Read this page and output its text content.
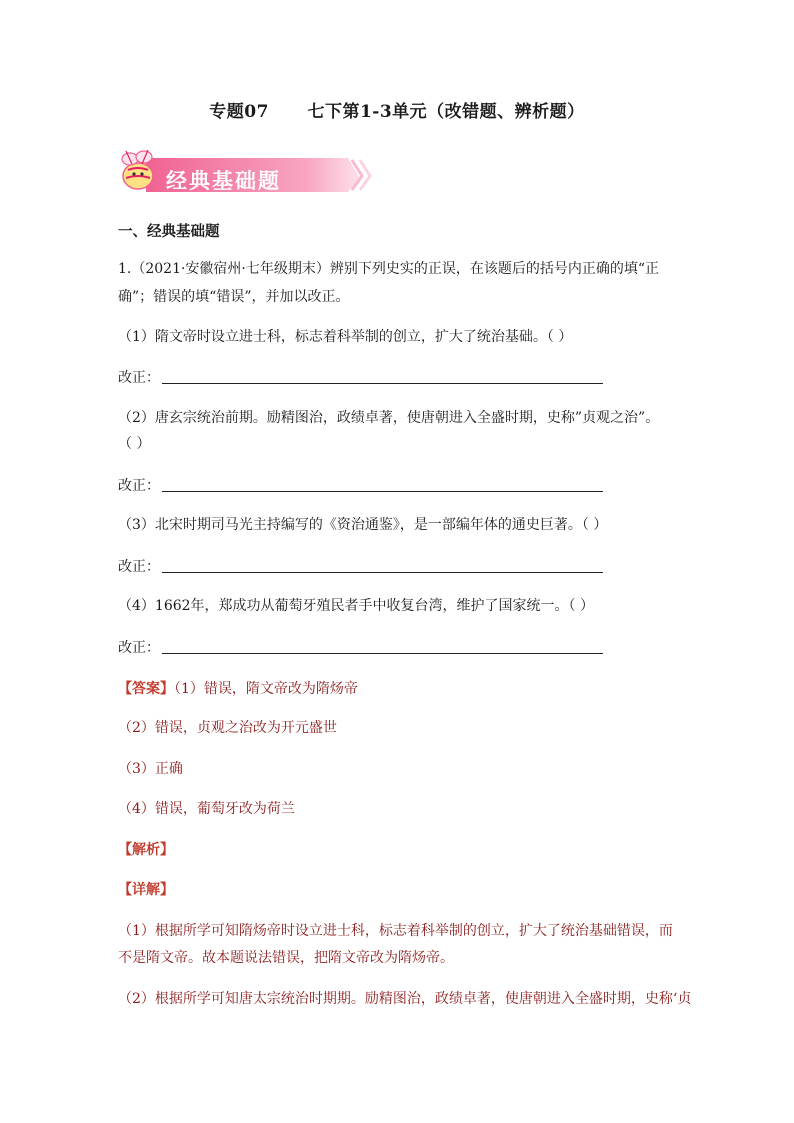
专题07      七下第1-3单元（改错题、辨析题）
经典基础题
一、经典基础题
1.（2021·安徽宿州·七年级期末）辨别下列史实的正误，在该题后的括号内正确的填“正
确”；错误的填“错误”，并加以改正。
（1）隋文帝时设立进士科，标志着科举制的创立，扩大了统治基础。（ ）
改正：
（2）唐玄宗统治前期。励精图治，政绩卓著，使唐朝进入全盛时期，史称”贞观之治”。
（ ）
改正：
（3）北宋时期司马光主持编写的《资治通鉴》，是一部编年体的通史巨著。（ ）
改正：
（4）1662年，郑成功从葡萄牙殖民者手中收复台湾，维护了国家统一。（ ）
改正：
【答案】（1）错误，隋文帝改为隋炀帝
（2）错误，贞观之治改为开元盛世
（3）正确
（4）错误，葡萄牙改为荷兰
【解析】
【详解】
（1）根据所学可知隋炀帝时设立进士科，标志着科举制的创立，扩大了统治基础错误，而
不是隋文帝。故本题说法错误，把隋文帝改为隋炀帝。
（2）根据所学可知唐太宗统治时期期。励精图治，政绩卓著，使唐朝进入全盛时期，史称‘贞
